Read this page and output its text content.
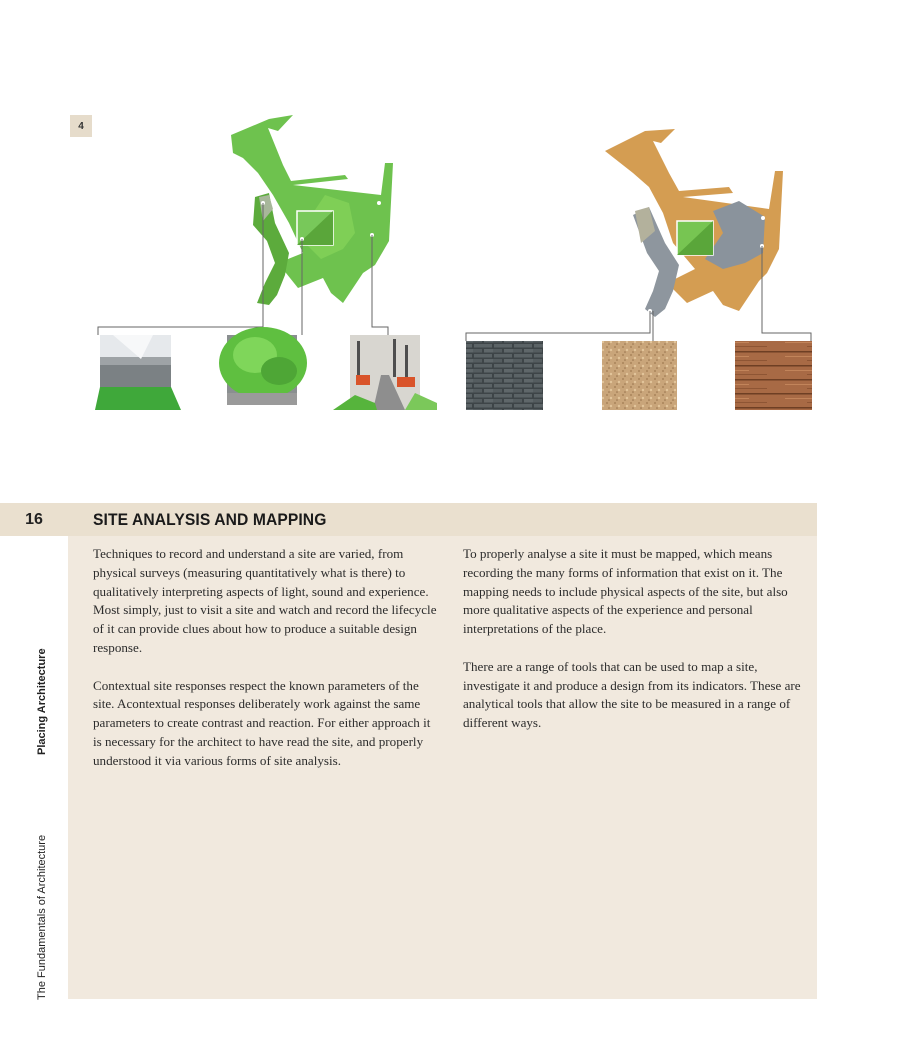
4
16	SITE ANALYSIS AND MAPPING

Techniques to record and understand a site are varied, from physical surveys (measuring quantitatively what is there) to qualitatively interpreting aspects of light, sound and experience. Most simply, just to visit a site and watch and record the lifecycle of it can provide clues about how to produce a suitable design response.

Contextual site responses respect the known parameters of the site. Acontextual responses deliberately work against the same parameters to create contrast and reaction. For either approach it is necessary for the architect to have read the site, and properly understood it via various forms of site analysis.

To properly analyse a site it must be mapped, which means recording the many forms of information that exist on it. The mapping needs to include physical aspects of the site, but also more qualitative aspects of the experience and personal interpretations of the place.

There are a range of tools that can be used to map a site, investigate it and produce a design from its indicators. These are analytical tools that allow the site to be measured in a range of different ways.

Placing Architecture
The Fundamentals of Architecture
